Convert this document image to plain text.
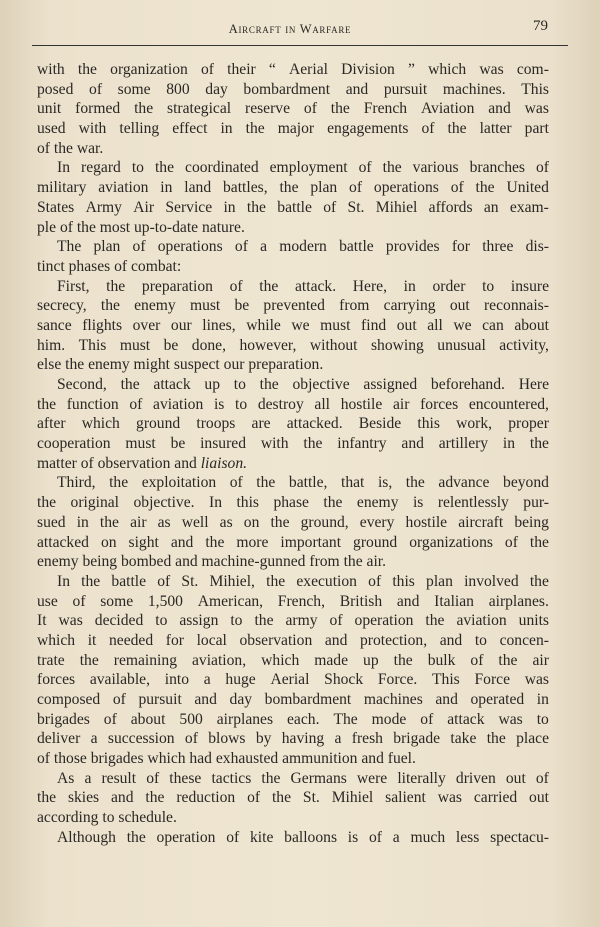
Aircraft in Warfare	79
with the organization of their “ Aerial Division ” which was com-
posed of some 800 day bombardment and pursuit machines. This
unit formed the strategical reserve of the French Aviation and was
used with telling effect in the major engagements of the latter part
of the war.
In regard to the coordinated employment of the various branches of
military aviation in land battles, the plan of operations of the United
States Army Air Service in the battle of St. Mihiel affords an exam-
ple of the most up-to-date nature.
The plan of operations of a modern battle provides for three dis-
tinct phases of combat:
First, the preparation of the attack. Here, in order to insure
secrecy, the enemy must be prevented from carrying out reconnais-
sance flights over our lines, while we must find out all we can about
him. This must be done, however, without showing unusual activity,
else the enemy might suspect our preparation.
Second, the attack up to the objective assigned beforehand. Here
the function of aviation is to destroy all hostile air forces encountered,
after which ground troops are attacked. Beside this work, proper
cooperation must be insured with the infantry and artillery in the
matter of observation and liaison.
Third, the exploitation of the battle, that is, the advance beyond
the original objective. In this phase the enemy is relentlessly pur-
sued in the air as well as on the ground, every hostile aircraft being
attacked on sight and the more important ground organizations of the
enemy being bombed and machine-gunned from the air.
In the battle of St. Mihiel, the execution of this plan involved the
use of some 1,500 American, French, British and Italian airplanes.
It was decided to assign to the army of operation the aviation units
which it needed for local observation and protection, and to concen-
trate the remaining aviation, which made up the bulk of the air
forces available, into a huge Aerial Shock Force. This Force was
composed of pursuit and day bombardment machines and operated in
brigades of about 500 airplanes each. The mode of attack was to
deliver a succession of blows by having a fresh brigade take the place
of those brigades which had exhausted ammunition and fuel.
As a result of these tactics the Germans were literally driven out of
the skies and the reduction of the St. Mihiel salient was carried out
according to schedule.
Although the operation of kite balloons is of a much less spectacu-
